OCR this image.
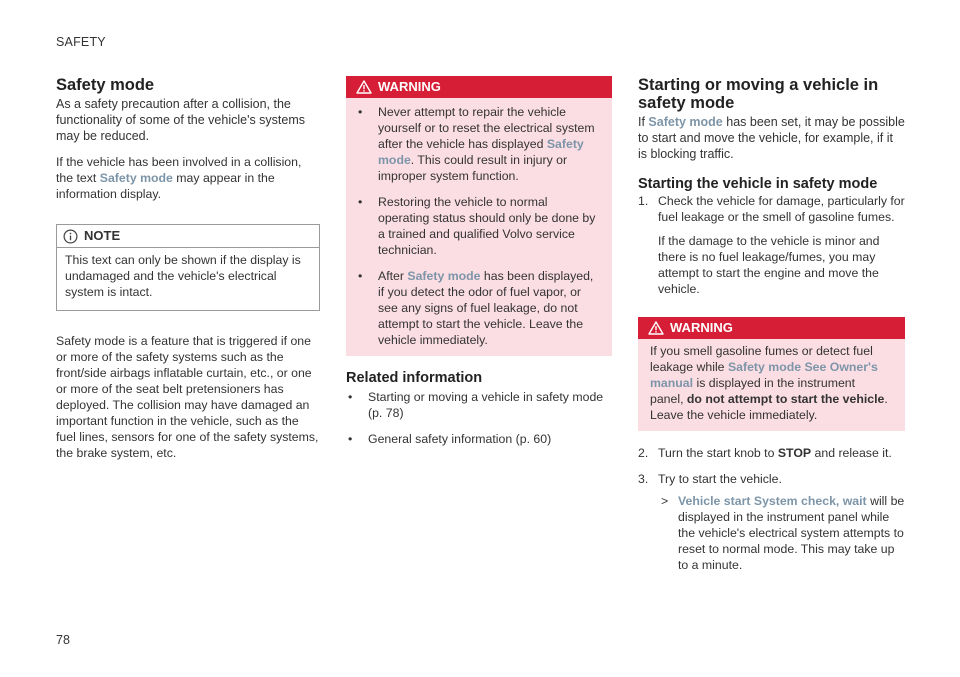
SAFETY
Safety mode

As a safety precaution after a collision, the functionality of some of the vehicle's systems may be reduced.

If the vehicle has been involved in a collision, the text Safety mode may appear in the information display.

NOTE
This text can only be shown if the display is undamaged and the vehicle's electrical system is intact.

Safety mode is a feature that is triggered if one or more of the safety systems such as the front/side airbags inflatable curtain, etc., or one or more of the seat belt pretensioners has deployed. The collision may have damaged an important function in the vehicle, such as the fuel lines, sensors for one of the safety systems, the brake system, etc.

WARNING
• Never attempt to repair the vehicle yourself or to reset the electrical system after the vehicle has displayed Safety mode. This could result in injury or improper system function.
• Restoring the vehicle to normal operating status should only be done by a trained and qualified Volvo service technician.
• After Safety mode has been displayed, if you detect the odor of fuel vapor, or see any signs of fuel leakage, do not attempt to start the vehicle. Leave the vehicle immediately.
Related information
• Starting or moving a vehicle in safety mode (p. 78)
• General safety information (p. 60)
Starting or moving a vehicle in safety mode

If Safety mode has been set, it may be possible to start and move the vehicle, for example, if it is blocking traffic.

Starting the vehicle in safety mode
1. Check the vehicle for damage, particularly for fuel leakage or the smell of gasoline fumes.

If the damage to the vehicle is minor and there is no fuel leakage/fumes, you may attempt to start the engine and move the vehicle.

WARNING
If you smell gasoline fumes or detect fuel leakage while Safety mode See Owner's manual is displayed in the instrument panel, do not attempt to start the vehicle. Leave the vehicle immediately.
2. Turn the start knob to STOP and release it.
3. Try to start the vehicle.
> Vehicle start System check, wait will be displayed in the instrument panel while the vehicle's electrical system attempts to reset to normal mode. This may take up to a minute.
78
